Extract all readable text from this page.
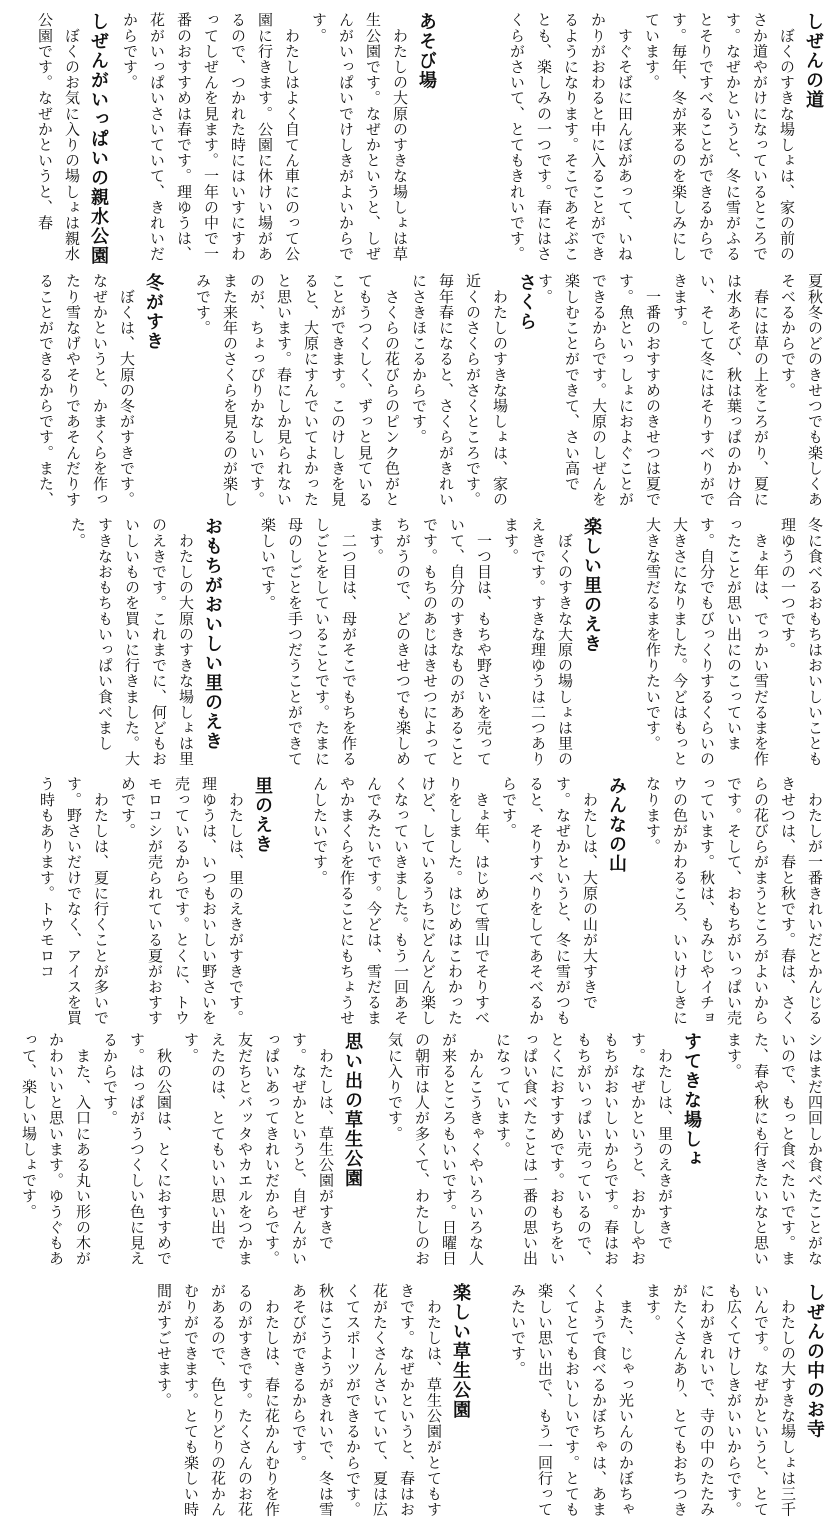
しぜんの道
　ぼくのすきな場しょは、家の前のさか道やがけになっているところです。なぜかというと、冬に雪がふるとそりですべることができるからです。毎年、冬が来るのを楽しみにしています。
　すぐそばに田んぼがあって、いねかりがおわると中に入ることができるようになります。そこであそぶことも、楽しみの一つです。春にはさくらがさいて、とてもきれいです。
あそび場
　わたしの大原のすきな場しょは草生公園です。なぜかというと、しぜんがいっぱいでけしきがよいからです。
　わたしはよく自てん車にのって公園に行きます。公園に休けい場があるので、つかれた時にはいすにすわってしぜんを見ます。一年の中で一番のおすすめは春です。理ゆうは、花がいっぱいさいていて、きれいだからです。
しぜんがいっぱいの親水公園
　ぼくのお気に入りの場しょは親水公園です。なぜかというと、春
夏秋冬のどのきせつでも楽しくあそべるからです。
　春には草の上をころがり、夏には水あそび、秋は葉っぱのかけ合い、そして冬にはそりすべりができます。
　一番のおすすめのきせつは夏です。魚といっしょにおよぐことができるからです。大原のしぜんを楽しむことができて、さい高です。
さくら
　わたしのすきな場しょは、家の近くのさくらがさくところです。毎年春になると、さくらがきれいにさきほこるからです。
　さくらの花びらのピンク色がとてもうつくしく、ずっと見ていることができます。このけしきを見ると、大原にすんでいてよかったと思います。春にしか見られないのが、ちょっぴりかなしいです。また来年のさくらを見るのが楽しみです。
冬がすき
　ぼくは、大原の冬がすきです。なぜかというと、かまくらを作ったり雪なげやそりであそんだりすることができるからです。また、
冬に食べるおもちはおいしいことも理ゆうの一つです。
　きょ年は、でっかい雪だるまを作ったことが思い出にのこっています。自分でもびっくりするくらいの大きさになりました。今どはもっと大きな雪だるまを作りたいです。
楽しい里のえき
　ぼくのすきな大原の場しょは里のえきです。すきな理ゆうは二つあります。
　一つ目は、もちや野さいを売っていて、自分のすきなものがあることです。もちのあじはきせつによってちがうので、どのきせつでも楽しめます。
　二つ目は、母がそこでもちを作るしごとをしていることです。たまに母のしごとを手つだうことができて楽しいです。
おもちがおいしい里のえき
　わたしの大原のすきな場しょは里のえきです。これまでに、何どもおいしいものを買いに行きました。大すきなおもちもいっぱい食べました。
　わたしが一番きれいだとかんじるきせつは、春と秋です。春は、さくらの花びらがまうところがよいからです。そして、おもちがいっぱい売っています。秋は、もみじやイチョウの色がかわるころ、いいけしきになります。
みんなの山
　わたしは、大原の山が大すきです。なぜかというと、冬に雪がつもると、そりすべりをしてあそべるからです。
　きょ年、はじめて雪山でそりすべりをしました。はじめはこわかったけど、しているうちにどんどん楽しくなっていきました。もう一回あそんでみたいです。今どは、雪だるまやかまくらを作ることにもちょうせんしたいです。
里のえき
　わたしは、里のえきがすきです。理ゆうは、いつもおいしい野さいを売っているからです。とくに、トウモロコシが売られている夏がおすすめです。
　わたしは、夏に行くことが多いです。野さいだけでなく、アイスを買う時もあります。トウモロコ
シはまだ四回しか食べたことがないので、もっと食べたいです。また、春や秋にも行きたいなと思います。
すてきな場しょ
　わたしは、里のえきがすきです。なぜかというと、おかしやおもちがおいしいからです。春はおもちがいっぱい売っているので、とくにおすすめです。おもちをいっぱい食べたことは一番の思い出になっています。
　かんこうきゃくやいろいろな人が来るところもいいです。日曜日の朝市は人が多くて、わたしのお気に入りです。
思い出の草生公園
　わたしは、草生公園がすきです。なぜかというと、自ぜんがいっぱいあってきれいだからです。友だちとバッタやカエルをつかまえたのは、とてもいい思い出です。
　秋の公園は、とくにおすすめです。はっぱがうつくしい色に見えるからです。
　また、入口にある丸い形の木がかわいいと思います。ゆうぐもあって、楽しい場しょです。
しぜんの中のお寺
　わたしの大すきな場しょは三千いんです。なぜかというと、とても広くてけしきがいいからです。にわがきれいで、寺の中のたたみがたくさんあり、とてもおちつきます。
　また、じゃっ光いんのかぼちゃくようで食べるかぼちゃは、あまくてとてもおいしいです。とても楽しい思い出で、もう一回行ってみたいです。
楽しい草生公園
　わたしは、草生公園がとてもすきです。なぜかというと、春はお花がたくさんさいていて、夏は広くてスポーツができるからです。秋はこうようがきれいで、冬は雪あそびができるからです。
　わたしは、春に花かんむりを作るのがすきです。たくさんのお花があるので、色とりどりの花かんむりができます。とても楽しい時間がすごせます。
